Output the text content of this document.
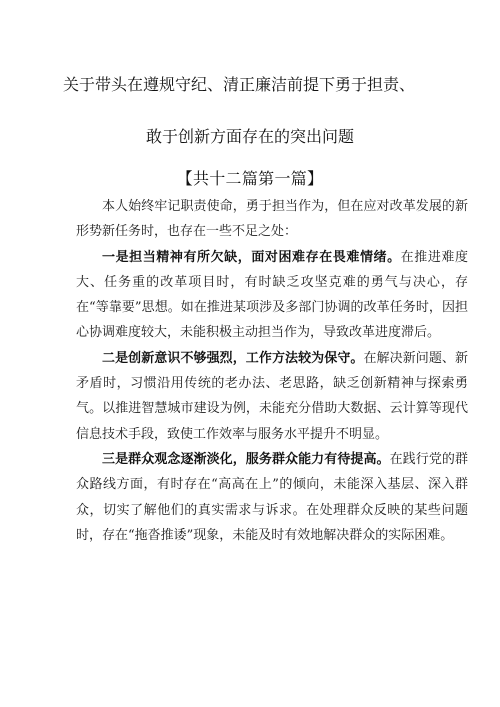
关于带头在遵规守纪、清正廉洁前提下勇于担责、
敢于创新方面存在的突出问题
【共十二篇第一篇】

本人始终牢记职责使命，勇于担当作为，但在应对改革发展的新形势新任务时，也存在一些不足之处：

一是担当精神有所欠缺，面对困难存在畏难情绪。在推进难度大、任务重的改革项目时，有时缺乏攻坚克难的勇气与决心，存在“等靠要”思想。如在推进某项涉及多部门协调的改革任务时，因担心协调难度较大，未能积极主动担当作为，导致改革进度滞后。

二是创新意识不够强烈，工作方法较为保守。在解决新问题、新矛盾时，习惯沿用传统的老办法、老思路，缺乏创新精神与探索勇气。以推进智慧城市建设为例，未能充分借助大数据、云计算等现代信息技术手段，致使工作效率与服务水平提升不明显。

三是群众观念逐渐淡化，服务群众能力有待提高。在践行党的群众路线方面，有时存在“高高在上”的倾向，未能深入基层、深入群众，切实了解他们的真实需求与诉求。在处理群众反映的某些问题时，存在“拖沓推诿”现象，未能及时有效地解决群众的实际困难。
